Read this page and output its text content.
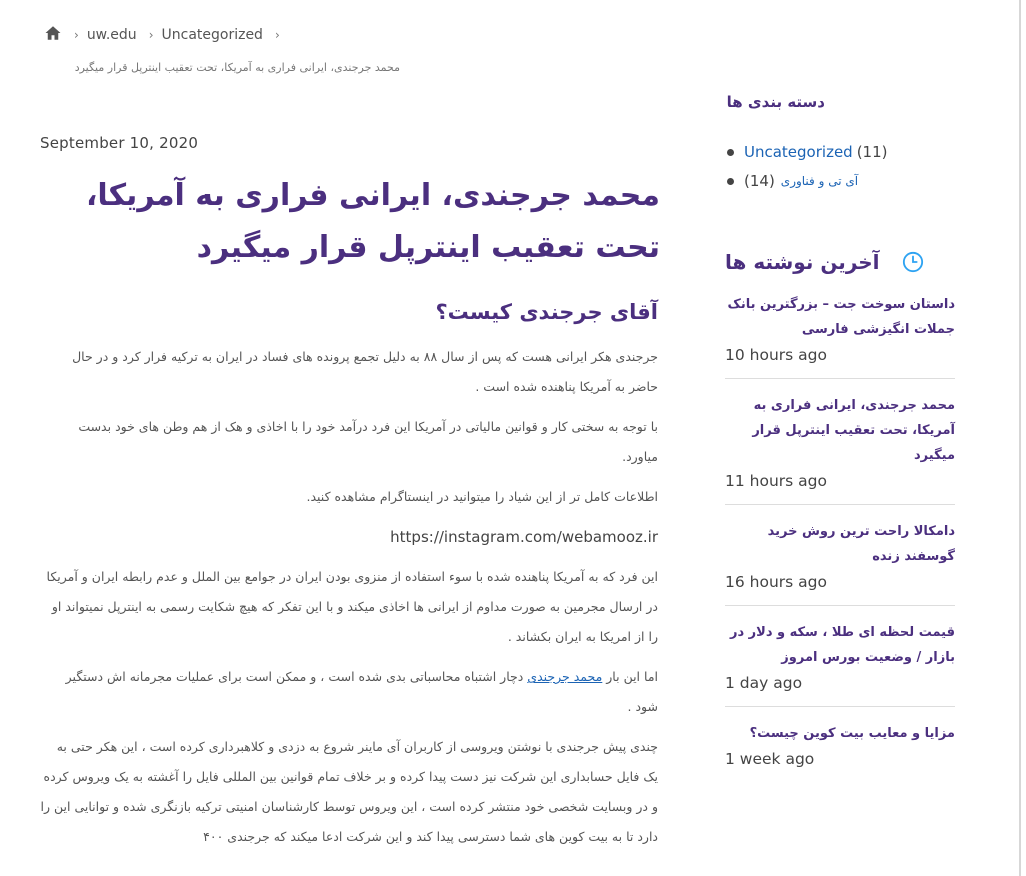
› uw.edu › Uncategorized ›
محمد جرجندی، ایرانی فراری به آمریکا، تحت تعقیب اینترپل قرار میگیرد
September 10, 2020
محمد جرجندی، ایرانی فراری به آمریکا، تحت تعقیب اینترپل قرار میگیرد
آقای جرجندی کیست؟

جرجندی هکر ایرانی هست که پس از سال ۸۸ به دلیل تجمع پرونده های فساد در ایران به ترکیه فرار کرد و در حال حاضر به آمریکا پناهنده شده است .

با توجه به سختی کار و قوانین مالیاتی در آمریکا این فرد درآمد خود را با اخاذی و هک از هم وطن های خود بدست میاورد.

اطلاعات کامل تر از این شیاد را میتوانید در اینستاگرام مشاهده کنید.

https://instagram.com/webamooz.ir

این فرد که به آمریکا پناهنده شده با سوء استفاده از منزوی بودن ایران در جوامع بین الملل و عدم رابطه ایران و آمریکا در ارسال مجرمین به صورت مداوم از ایرانی ها اخاذی میکند و با این تفکر که هیچ شکایت رسمی به اینترپل نمیتواند او را از امریکا به ایران بکشاند .

اما این بار محمد جرجندی دچار اشتباه محاسباتی بدی شده است ، و ممکن است برای عملیات مجرمانه اش دستگیر شود .

چندی پیش جرجندی با نوشتن ویروسی از کاربران آی ماینر شروع به دزدی و کلاهبرداری کرده است ، این هکر حتی به یک فایل حسابداری این شرکت نیز دست پیدا کرده و بر خلاف تمام قوانین بین المللی فایل را آغشته به یک ویروس کرده و در وبسایت شخصی خود منتشر کرده است ، این ویروس توسط کارشناسان امنیتی ترکیه بازنگری شده و توانایی این را دارد تا به بیت کوین های شما دسترسی پیدا کند و این شرکت ادعا میکند که جرجندی ۴۰۰

دسته بندی ها
Uncategorized (11)
(14) آی تی و فناوری
آخرین نوشته ها
داستان سوخت جت – بزرگترین بانک جملات انگیزشی فارسی
10 hours ago
محمد جرجندی، ایرانی فراری به آمریکا، تحت تعقیب اینترپل قرار میگیرد
11 hours ago
دامکالا راحت ترین روش خرید گوسفند زنده
16 hours ago
قیمت لحظه ای طلا ، سکه و دلار در بازار / وضعیت بورس امروز
1 day ago
مزایا و معایب بیت کوین چیست؟
1 week ago
